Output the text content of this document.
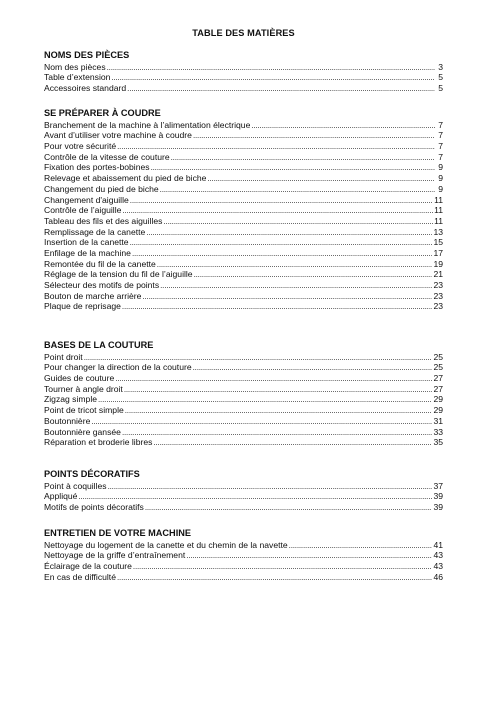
TABLE DES MATIÈRES
NOMS DES PIÈCES
Nom des pièces . . .	3
Table d’extension . . .	5
Accessoires standard . . .	5
SE PRÉPARER À COUDRE
Branchement de la machine à l’alimentation électrique . . .	7
Avant d’utiliser votre machine à coudre . . .	7
Pour votre sécurité . . .	7
Contrôle de la vitesse de couture . . .	7
Fixation des portes-bobines . . .	9
Relevage et abaissement du pied de biche . . .	9
Changement du pied de biche . . .	9
Changement d'aiguille . . .	11
Contrôle de l’aiguille . . .	11
Tableau des fils et des aiguilles . . .	11
Remplissage de la canette . . .	13
Insertion de la canette . . .	15
Enfilage de la machine . . .	17
Remontée du fil de la canette . . .	19
Réglage de la tension du fil de l’aiguille . . .	21
Sélecteur des motifs de points . . .	23
Bouton de marche arrière . . .	23
Plaque de reprisage . . .	23
BASES DE LA COUTURE
Point droit . . .	25
Pour changer la direction de la couture . . .	25
Guides de couture . . .	27
Tourner à angle droit . . .	27
Zigzag simple . . .	29
Point de tricot simple . . .	29
Boutonnière . . .	31
Boutonnière gansée . . .	33
Réparation et broderie libres . . .	35
POINTS DÉCORATIFS
Point à coquilles . . .	37
Appliqué . . .	39
Motifs de points décoratifs . . .	39
ENTRETIEN DE VOTRE MACHINE
Nettoyage du logement de la canette et du chemin de la navette . . .	41
Nettoyage de la griffe d’entraînement . . .	43
Éclairage de la couture . . .	43
En cas de difficulté . . .	46
